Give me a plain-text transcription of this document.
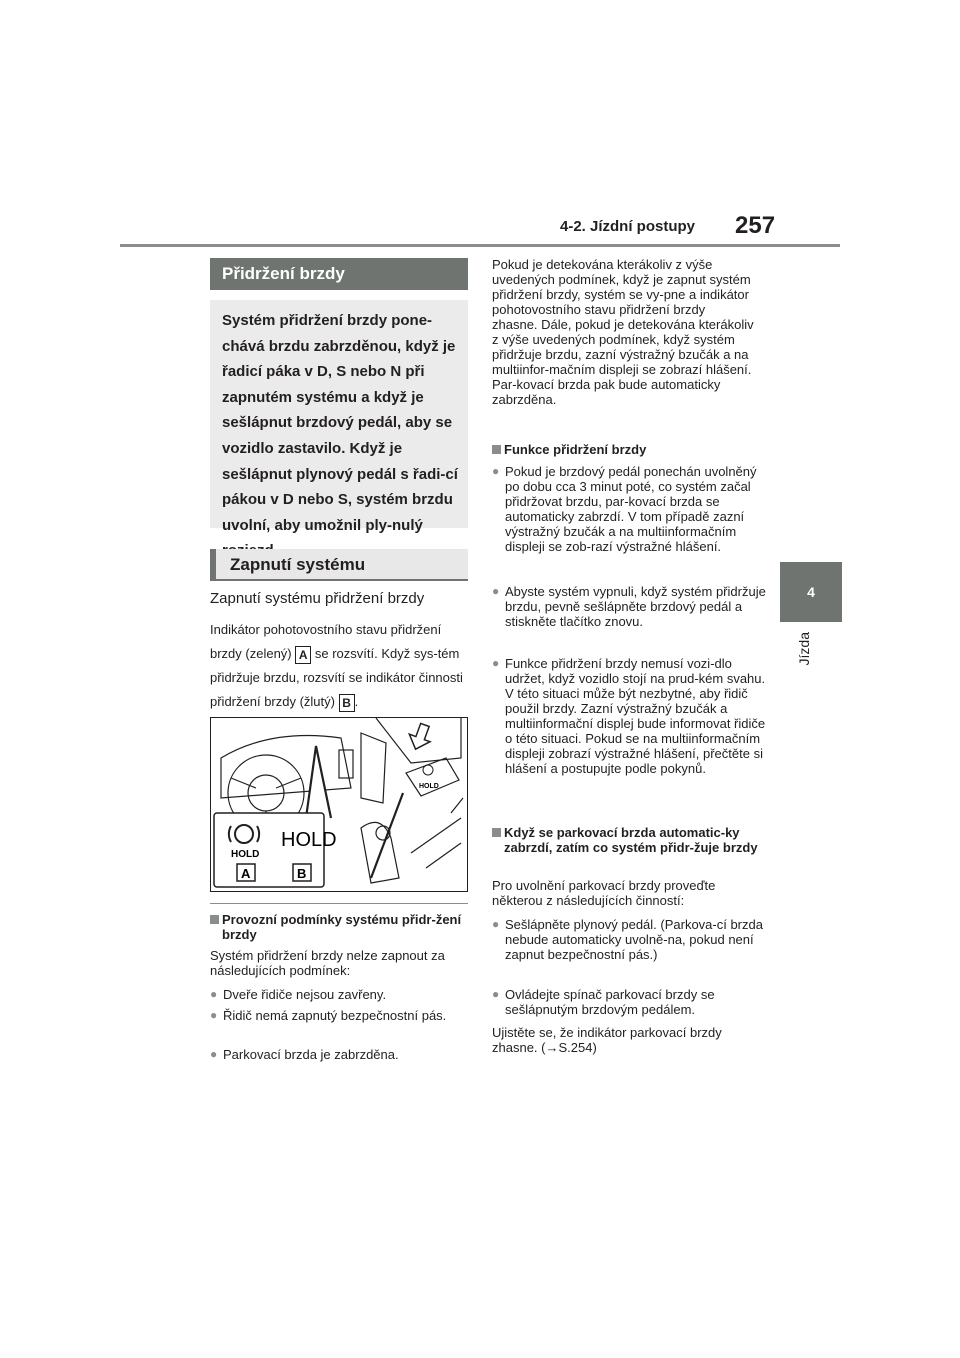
4-2. Jízdní postupy 257
4
Jízda
Přidržení brzdy
Systém přidržení brzdy pone-chává brzdu zabrzděnou, když je řadicí páka v D, S nebo N při zapnutém systému a když je sešlápnut brzdový pedál, aby se vozidlo zastavilo. Když je sešlápnut plynový pedál s řadi-cí pákou v D nebo S, systém brzdu uvolní, aby umožnil ply-nulý
Zapnutí systému
Zapnutí systému přidržení brzdy
Indikátor pohotovostního stavu přidržení brzdy (zelený) A se rozsvítí. Když sys-tém přidržuje brzdu, rozsvítí se indikátor činnosti přidržení brzdy (žlutý) B .
HOLD
HOLD
HOLD
A	B
Provozní podmínky systému přidr-žení brzdy
Systém přidržení brzdy nelze zapnout za následujících podmínek:
● Dveře řidiče nejsou zavřeny.
● Řidič nemá zapnutý bezpečnostní pás.
● Parkovací brzda je zabrzděna.
Pokud je detekována kterákoliv z výše uvedených podmínek, když je zapnut systém přidržení brzdy, systém se vy-pne a indikátor pohotovostního stavu přidržení brzdy zhasne. Dále, pokud je detekována kterákoliv z výše uvedených podmínek, když systém přidržuje brzdu, zazní výstražný bzučák a na multiinfor-mačním displeji se zobrazí hlášení. Par-kovací brzda pak bude automaticky zabrzděna.
Funkce přidržení brzdy
● Pokud je brzdový pedál ponechán uvolněný po dobu cca 3 minut poté, co systém začal přidržovat brzdu, par-kovací brzda se automaticky zabrzdí. V tom případě zazní výstražný bzučák a na multiinformačním displeji se zob-razí výstražné hlášení.
● Abyste systém vypnuli, když systém přidržuje brzdu, pevně sešlápněte brzdový pedál a stiskněte tlačítko znovu.
● Funkce přidržení brzdy nemusí vozi-dlo udržet, když vozidlo stojí na prud-kém svahu. V této situaci může být nezbytné, aby řidič použil brzdy. Zazní výstražný bzučák a multiinformační displej bude informovat řidiče o této situaci. Pokud se na multiinformačním displeji zobrazí výstražné hlášení, přečtěte si hlášení a postupujte podle pokynů.
Když se parkovací brzda automatic-ky zabrzdí, zatím co systém přidr-žuje brzdy
Pro uvolnění parkovací brzdy proveďte některou z následujících činností:
● Sešlápněte plynový pedál. (Parkova-cí brzda nebude automaticky uvolně-na, pokud není zapnut bezpečnostní pás.)
● Ovládejte spínač parkovací brzdy se sešlápnutým brzdovým pedálem.
Ujistěte se, že indikátor parkovací brzdy zhasne. (→S.254)
